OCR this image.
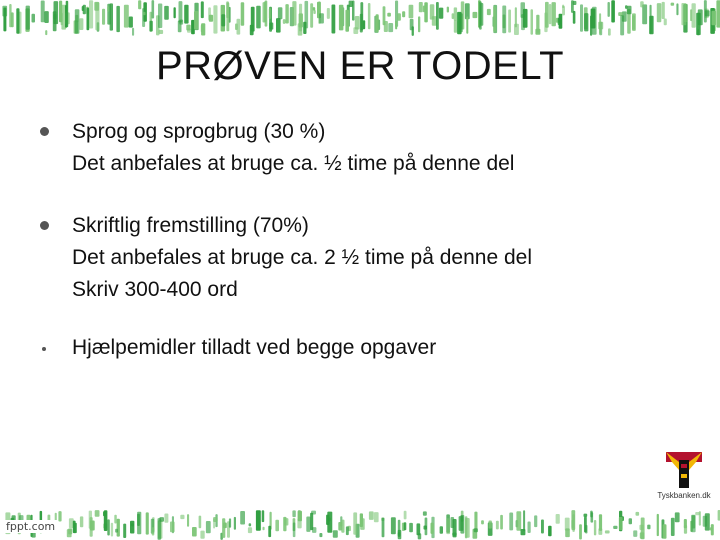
PRØVEN ER TODELT
Sprog og sprogbrug (30 %)
Det anbefales at bruge ca. ½ time på denne del
Skriftlig fremstilling (70%)
Det anbefales at bruge ca. 2 ½ time på denne del
Skriv 300-400 ord
Hjælpemidler tilladt ved begge opgaver
Tyskbanken.dk
fppt.com
